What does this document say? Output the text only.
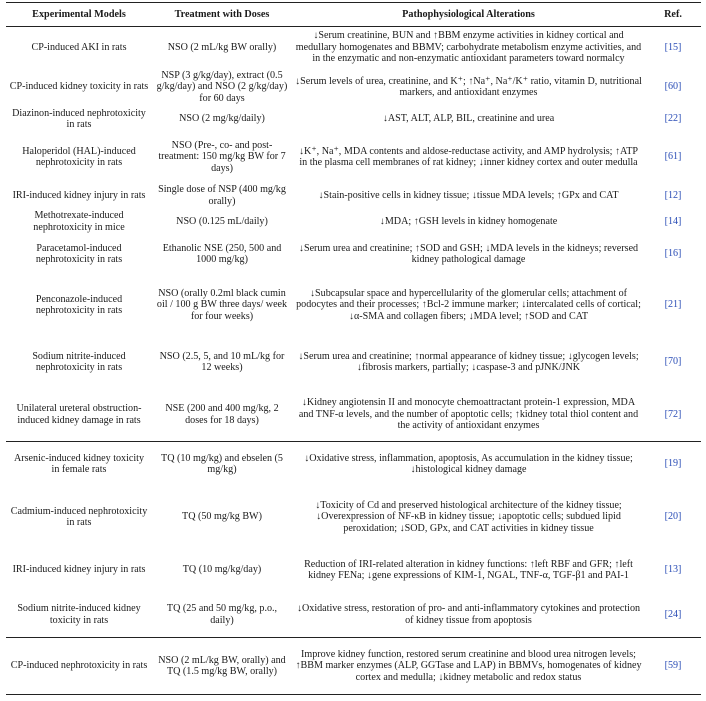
Experimental Models	Treatment with Doses	Pathophysiological Alterations	Ref.
CP-induced AKI in rats	NSO (2 mL/kg BW orally)	↓Serum creatinine, BUN and ↑BBM enzyme activities in kidney cortical and medullary homogenates and BBMV; carbohydrate metabolism enzyme activities, and in the enzymatic and non-enzymatic antioxidant parameters toward normalcy	[15]
CP-induced kidney toxicity in rats	NSP (3 g/kg/day), extract (0.5 g/kg/day) and NSO (2 g/kg/day) for 60 days	↓Serum levels of urea, creatinine, and K⁺; ↑Na⁺, Na⁺/K⁺ ratio, vitamin D, nutritional markers, and antioxidant enzymes	[60]
Diazinon-induced nephrotoxicity in rats	NSO (2 mg/kg/daily)	↓AST, ALT, ALP, BIL, creatinine and urea	[22]
Haloperidol (HAL)-induced nephrotoxicity in rats	NSO (Pre-, co- and post-treatment: 150 mg/kg BW for 7 days)	↓K⁺, Na⁺, MDA contents and aldose-reductase activity, and AMP hydrolysis; ↑ATP in the plasma cell membranes of rat kidney; ↓inner kidney cortex and outer medulla	[61]
IRI-induced kidney injury in rats	Single dose of NSP (400 mg/kg orally)	↓Stain-positive cells in kidney tissue; ↓tissue MDA levels; ↑GPx and CAT	[12]
Methotrexate-induced nephrotoxicity in mice	NSO (0.125 mL/daily)	↓MDA; ↑GSH levels in kidney homogenate	[14]
Paracetamol-induced nephrotoxicity in rats	Ethanolic NSE (250, 500 and 1000 mg/kg)	↓Serum urea and creatinine; ↑SOD and GSH; ↓MDA levels in the kidneys; reversed kidney pathological damage	[16]
Penconazole-induced nephrotoxicity in rats	NSO (orally 0.2ml black cumin oil / 100 g BW three days/ week for four weeks)	↓Subcapsular space and hypercellularity of the glomerular cells; attachment of podocytes and their processes; ↑Bcl-2 immune marker; ↓intercalated cells of cortical; ↓α-SMA and collagen fibers; ↓MDA level; ↑SOD and CAT	[21]
Sodium nitrite-induced nephrotoxicity in rats	NSO (2.5, 5, and 10 mL/kg for 12 weeks)	↓Serum urea and creatinine; ↑normal appearance of kidney tissue; ↓glycogen levels; ↓fibrosis markers, partially; ↓caspase-3 and pJNK/JNK	[70]
Unilateral ureteral obstruction-induced kidney damage in rats	NSE (200 and 400 mg/kg, 2 doses for 18 days)	↓Kidney angiotensin II and monocyte chemoattractant protein-1 expression, MDA and TNF-α levels, and the number of apoptotic cells; ↑kidney total thiol content and the activity of antioxidant enzymes	[72]
Arsenic-induced kidney toxicity in female rats	TQ (10 mg/kg) and ebselen (5 mg/kg)	↓Oxidative stress, inflammation, apoptosis, As accumulation in the kidney tissue; ↓histological kidney damage	[19]
Cadmium-induced nephrotoxicity in rats	TQ (50 mg/kg BW)	↓Toxicity of Cd and preserved histological architecture of the kidney tissue; ↓Overexpression of NF-κB in kidney tissue; ↓apoptotic cells; subdued lipid peroxidation; ↓SOD, GPx, and CAT activities in kidney tissue	[20]
IRI-induced kidney injury in rats	TQ (10 mg/kg/day)	Reduction of IRI-related alteration in kidney functions: ↑left RBF and GFR; ↑left kidney FENa; ↓gene expressions of KIM-1, NGAL, TNF-α, TGF-β1 and PAI-1	[13]
Sodium nitrite-induced kidney toxicity in rats	TQ (25 and 50 mg/kg, p.o., daily)	↓Oxidative stress, restoration of pro- and anti-inflammatory cytokines and protection of kidney tissue from apoptosis	[24]
CP-induced nephrotoxicity in rats	NSO (2 mL/kg BW, orally) and TQ (1.5 mg/kg BW, orally)	Improve kidney function, restored serum creatinine and blood urea nitrogen levels; ↑BBM marker enzymes (ALP, GGTase and LAP) in BBMVs, homogenates of kidney cortex and medulla; ↓kidney metabolic and redox status	[59]
